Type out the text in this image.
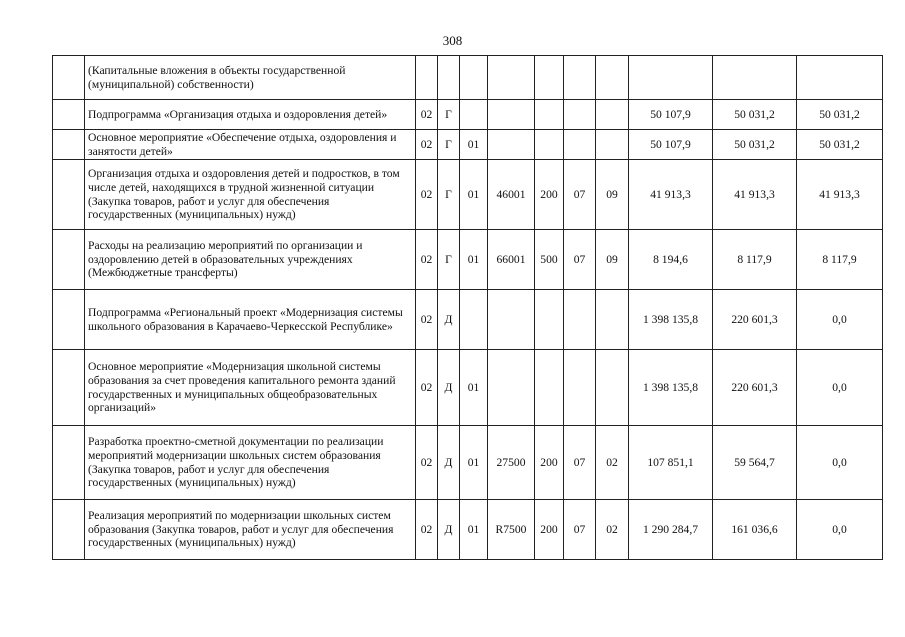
308
	(Капитальные вложения в объекты государственной (муниципальной) собственности)										
	Подпрограмма «Организация отдыха и оздоровления детей»	02	Г						50 107,9	50 031,2	50 031,2
	Основное мероприятие «Обеспечение отдыха, оздоровления и занятости детей»	02	Г	01					50 107,9	50 031,2	50 031,2
	Организация отдыха и оздоровления детей и подростков, в том числе детей, находящихся в трудной жизненной ситуации (Закупка товаров, работ и услуг для обеспечения государственных (муниципальных) нужд)	02	Г	01	46001	200	07	09	41 913,3	41 913,3	41 913,3
	Расходы на реализацию мероприятий по организации и оздоровлению детей в образовательных учреждениях (Межбюджетные трансферты)	02	Г	01	66001	500	07	09	8 194,6	8 117,9	8 117,9
	Подпрограмма «Региональный проект «Модернизация системы школьного образования в Карачаево-Черкесской Республике»	02	Д						1 398 135,8	220 601,3	0,0
	Основное мероприятие «Модернизация школьной системы образования за счет проведения капитального ремонта зданий государственных и муниципальных общеобразовательных организаций»	02	Д	01					1 398 135,8	220 601,3	0,0
	Разработка проектно-сметной документации по реализации мероприятий модернизации школьных систем образования (Закупка товаров, работ и услуг для обеспечения государственных (муниципальных) нужд)	02	Д	01	27500	200	07	02	107 851,1	59 564,7	0,0
	Реализация мероприятий по модернизации школьных систем образования (Закупка товаров, работ и услуг для обеспечения государственных (муниципальных) нужд)	02	Д	01	R7500	200	07	02	1 290 284,7	161 036,6	0,0
